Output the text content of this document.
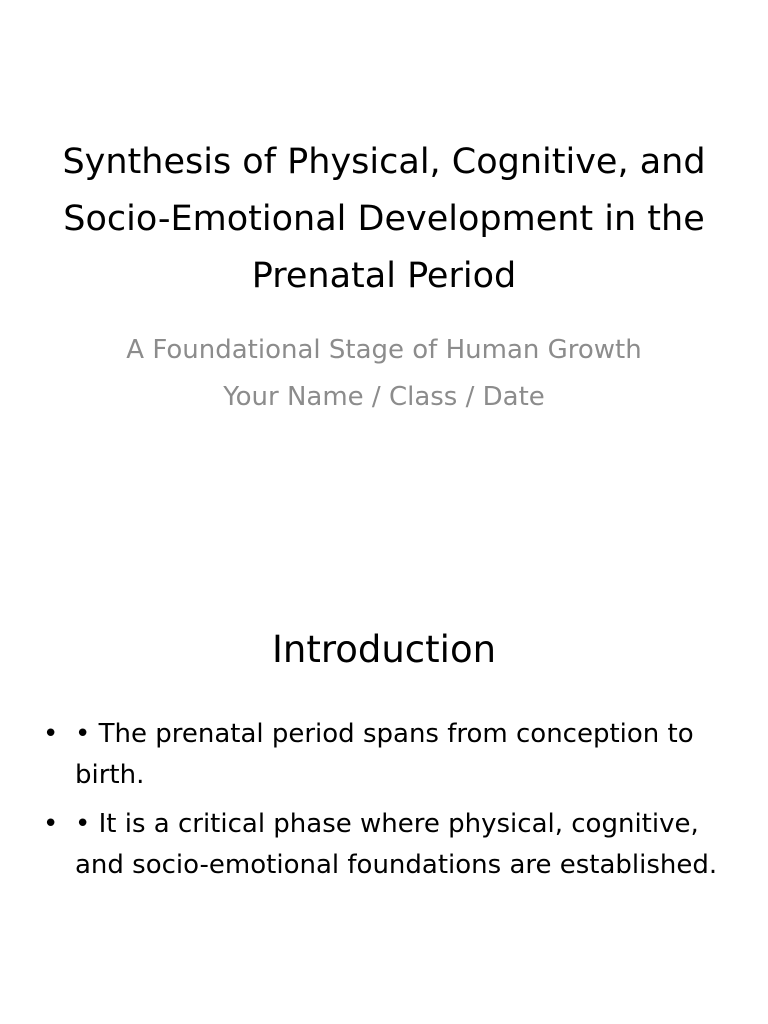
Synthesis of Physical, Cognitive, and Socio-Emotional Development in the Prenatal Period

A Foundational Stage of Human Growth

Your Name / Class / Date

Introduction
• • The prenatal period spans from conception to birth.
• • It is a critical phase where physical, cognitive, and socio-emotional foundations are established.
